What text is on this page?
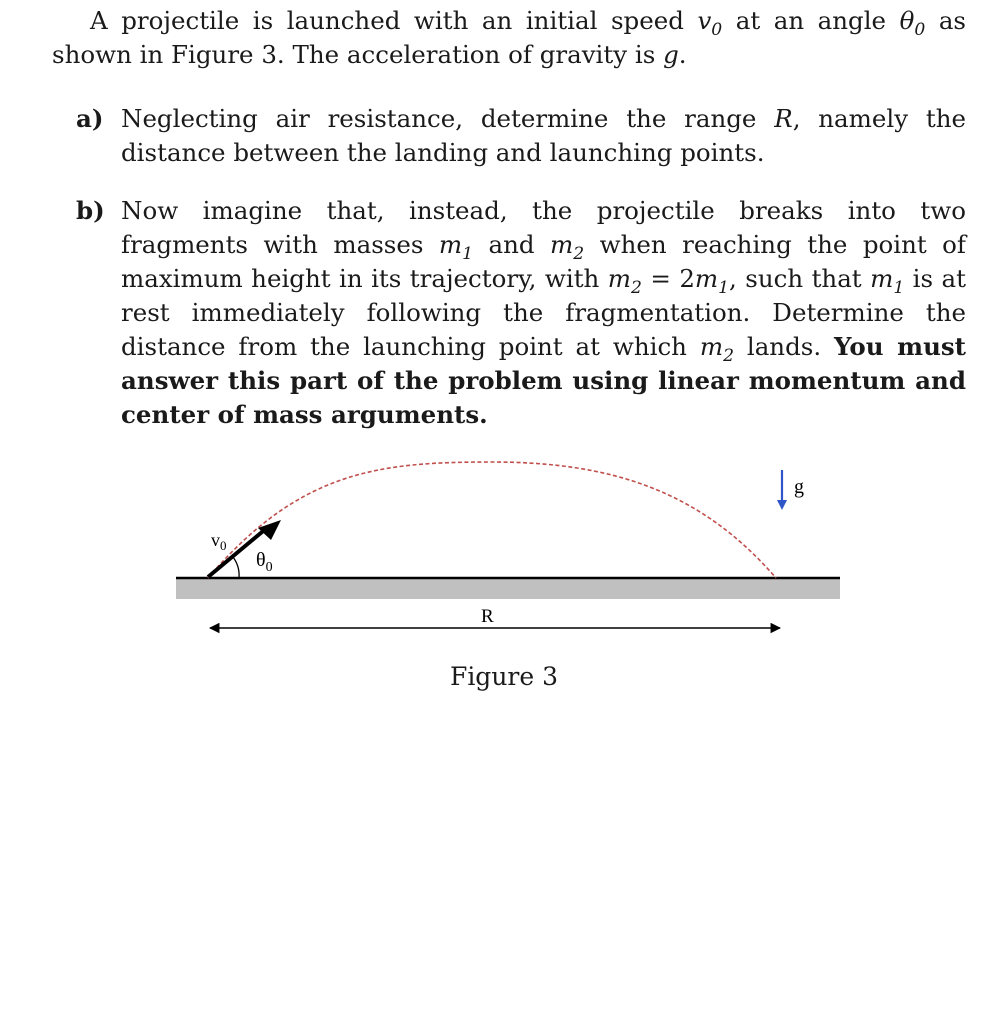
A projectile is launched with an initial speed $v_0$ at an angle $\theta_0$ as shown in Figure 3. The acceleration of gravity is g.
a) Neglecting air resistance, determine the range R, namely the distance between the landing and launching points.
b) Now imagine that, instead, the projectile breaks into two fragments with masses $m_1$ and $m_2$ when reaching the point of maximum height in its trajectory, with $m_2 = 2m_1$, such that $m_1$ is at rest immediately following the fragmentation. Determine the distance from the launching point at which $m_2$ lands. You must answer this part of the problem using linear momentum and center of mass arguments.
$v_0$
$\theta_0$
g
R
Figure 3
